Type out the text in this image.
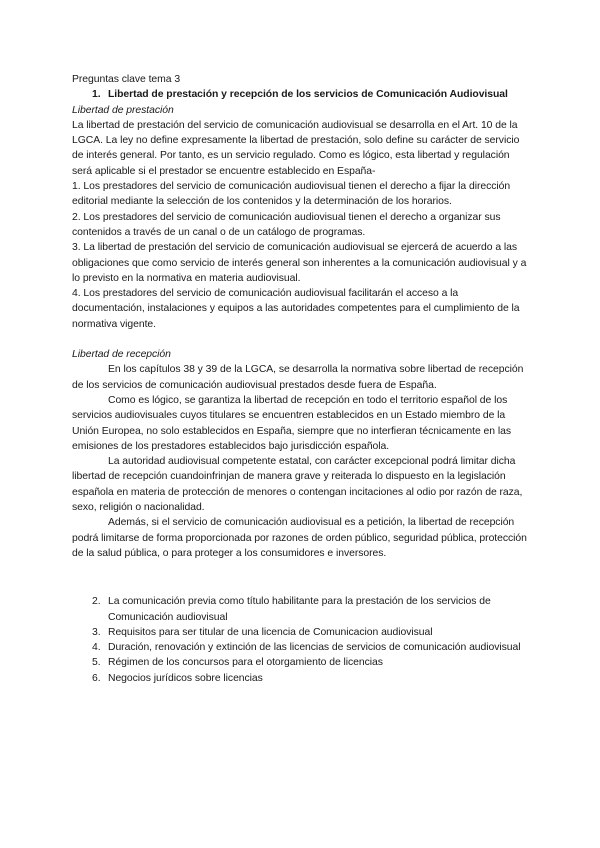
Preguntas clave tema 3

1. Libertad de prestación y recepción de los servicios de Comunicación Audiovisual

Libertad de prestación

La libertad de prestación del servicio de comunicación audiovisual se desarrolla en el Art. 10 de la LGCA. La ley no define expresamente la libertad de prestación, solo define su carácter de servicio de interés general. Por tanto, es un servicio regulado. Como es lógico, esta libertad y regulación será aplicable si el prestador se encuentre establecido en España-

1. Los prestadores del servicio de comunicación audiovisual tienen el derecho a fijar la dirección editorial mediante la selección de los contenidos y la determinación de los horarios.

2. Los prestadores del servicio de comunicación audiovisual tienen el derecho a organizar sus contenidos a través de un canal o de un catálogo de programas.

3. La libertad de prestación del servicio de comunicación audiovisual se ejercerá de acuerdo a las obligaciones que como servicio de interés general son inherentes a la comunicación audiovisual y a lo previsto en la normativa en materia audiovisual.

4. Los prestadores del servicio de comunicación audiovisual facilitarán el acceso a la documentación, instalaciones y equipos a las autoridades competentes para el cumplimiento de la normativa vigente.

Libertad de recepción

En los capítulos 38 y 39 de la LGCA, se desarrolla la normativa sobre libertad de recepción de los servicios de comunicación audiovisual prestados desde fuera de España.

Como es lógico, se garantiza la libertad de recepción en todo el territorio español de los servicios audiovisuales cuyos titulares se encuentren establecidos en un Estado miembro de la Unión Europea, no solo establecidos en España, siempre que no interfieran técnicamente en las emisiones de los prestadores establecidos bajo jurisdicción española.

La autoridad audiovisual competente estatal, con carácter excepcional podrá limitar dicha libertad de recepción cuandoinfrinjan de manera grave y reiterada lo dispuesto en la legislación española en materia de protección de menores o contengan incitaciones al odio por razón de raza, sexo, religión o nacionalidad.

Además, si el servicio de comunicación audiovisual es a petición, la libertad de recepción podrá limitarse de forma proporcionada por razones de orden público, seguridad pública, protección de la salud pública, o para proteger a los consumidores e inversores.

2. La comunicación previa como título habilitante para la prestación de los servicios de Comunicación audiovisual
3. Requisitos para ser titular de una licencia de Comunicacion audiovisual
4. Duración, renovación y extinción de las licencias de servicios de comunicación audiovisual
5. Régimen de los concursos para el otorgamiento de licencias
6. Negocios jurídicos sobre licencias
